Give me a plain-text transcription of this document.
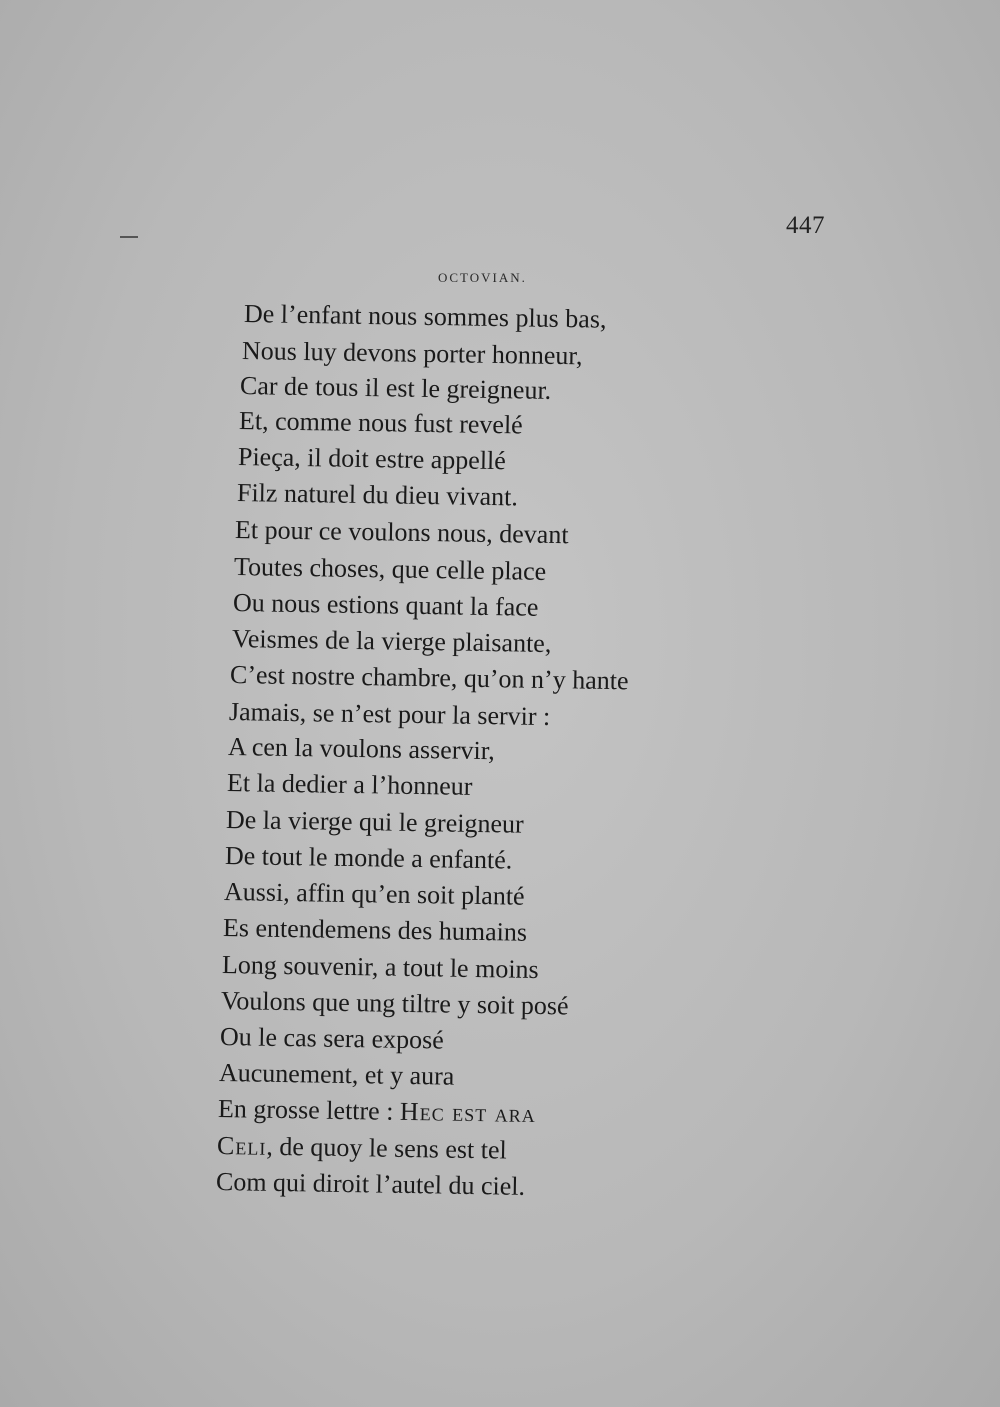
447
OCTOVIAN.
De l’enfant nous sommes plus bas,
Nous luy devons porter honneur,
Car de tous il est le greigneur.
Et, comme nous fust revelé
Pieça, il doit estre appellé
Filz naturel du dieu vivant.
Et pour ce voulons nous, devant
Toutes choses, que celle place
Ou nous estions quant la face
Veismes de la vierge plaisante,
C’est nostre chambre, qu’on n’y hante
Jamais, se n’est pour la servir :
A cen la voulons asservir,
Et la dedier a l’honneur
De la vierge qui le greigneur
De tout le monde a enfanté.
Aussi, affin qu’en soit planté
Es entendemens des humains
Long souvenir, a tout le moins
Voulons que ung tiltre y soit posé
Ou le cas sera exposé
Aucunement, et y aura
En grosse lettre : Hec est ara
Celi, de quoy le sens est tel
Com qui diroit l’autel du ciel.
